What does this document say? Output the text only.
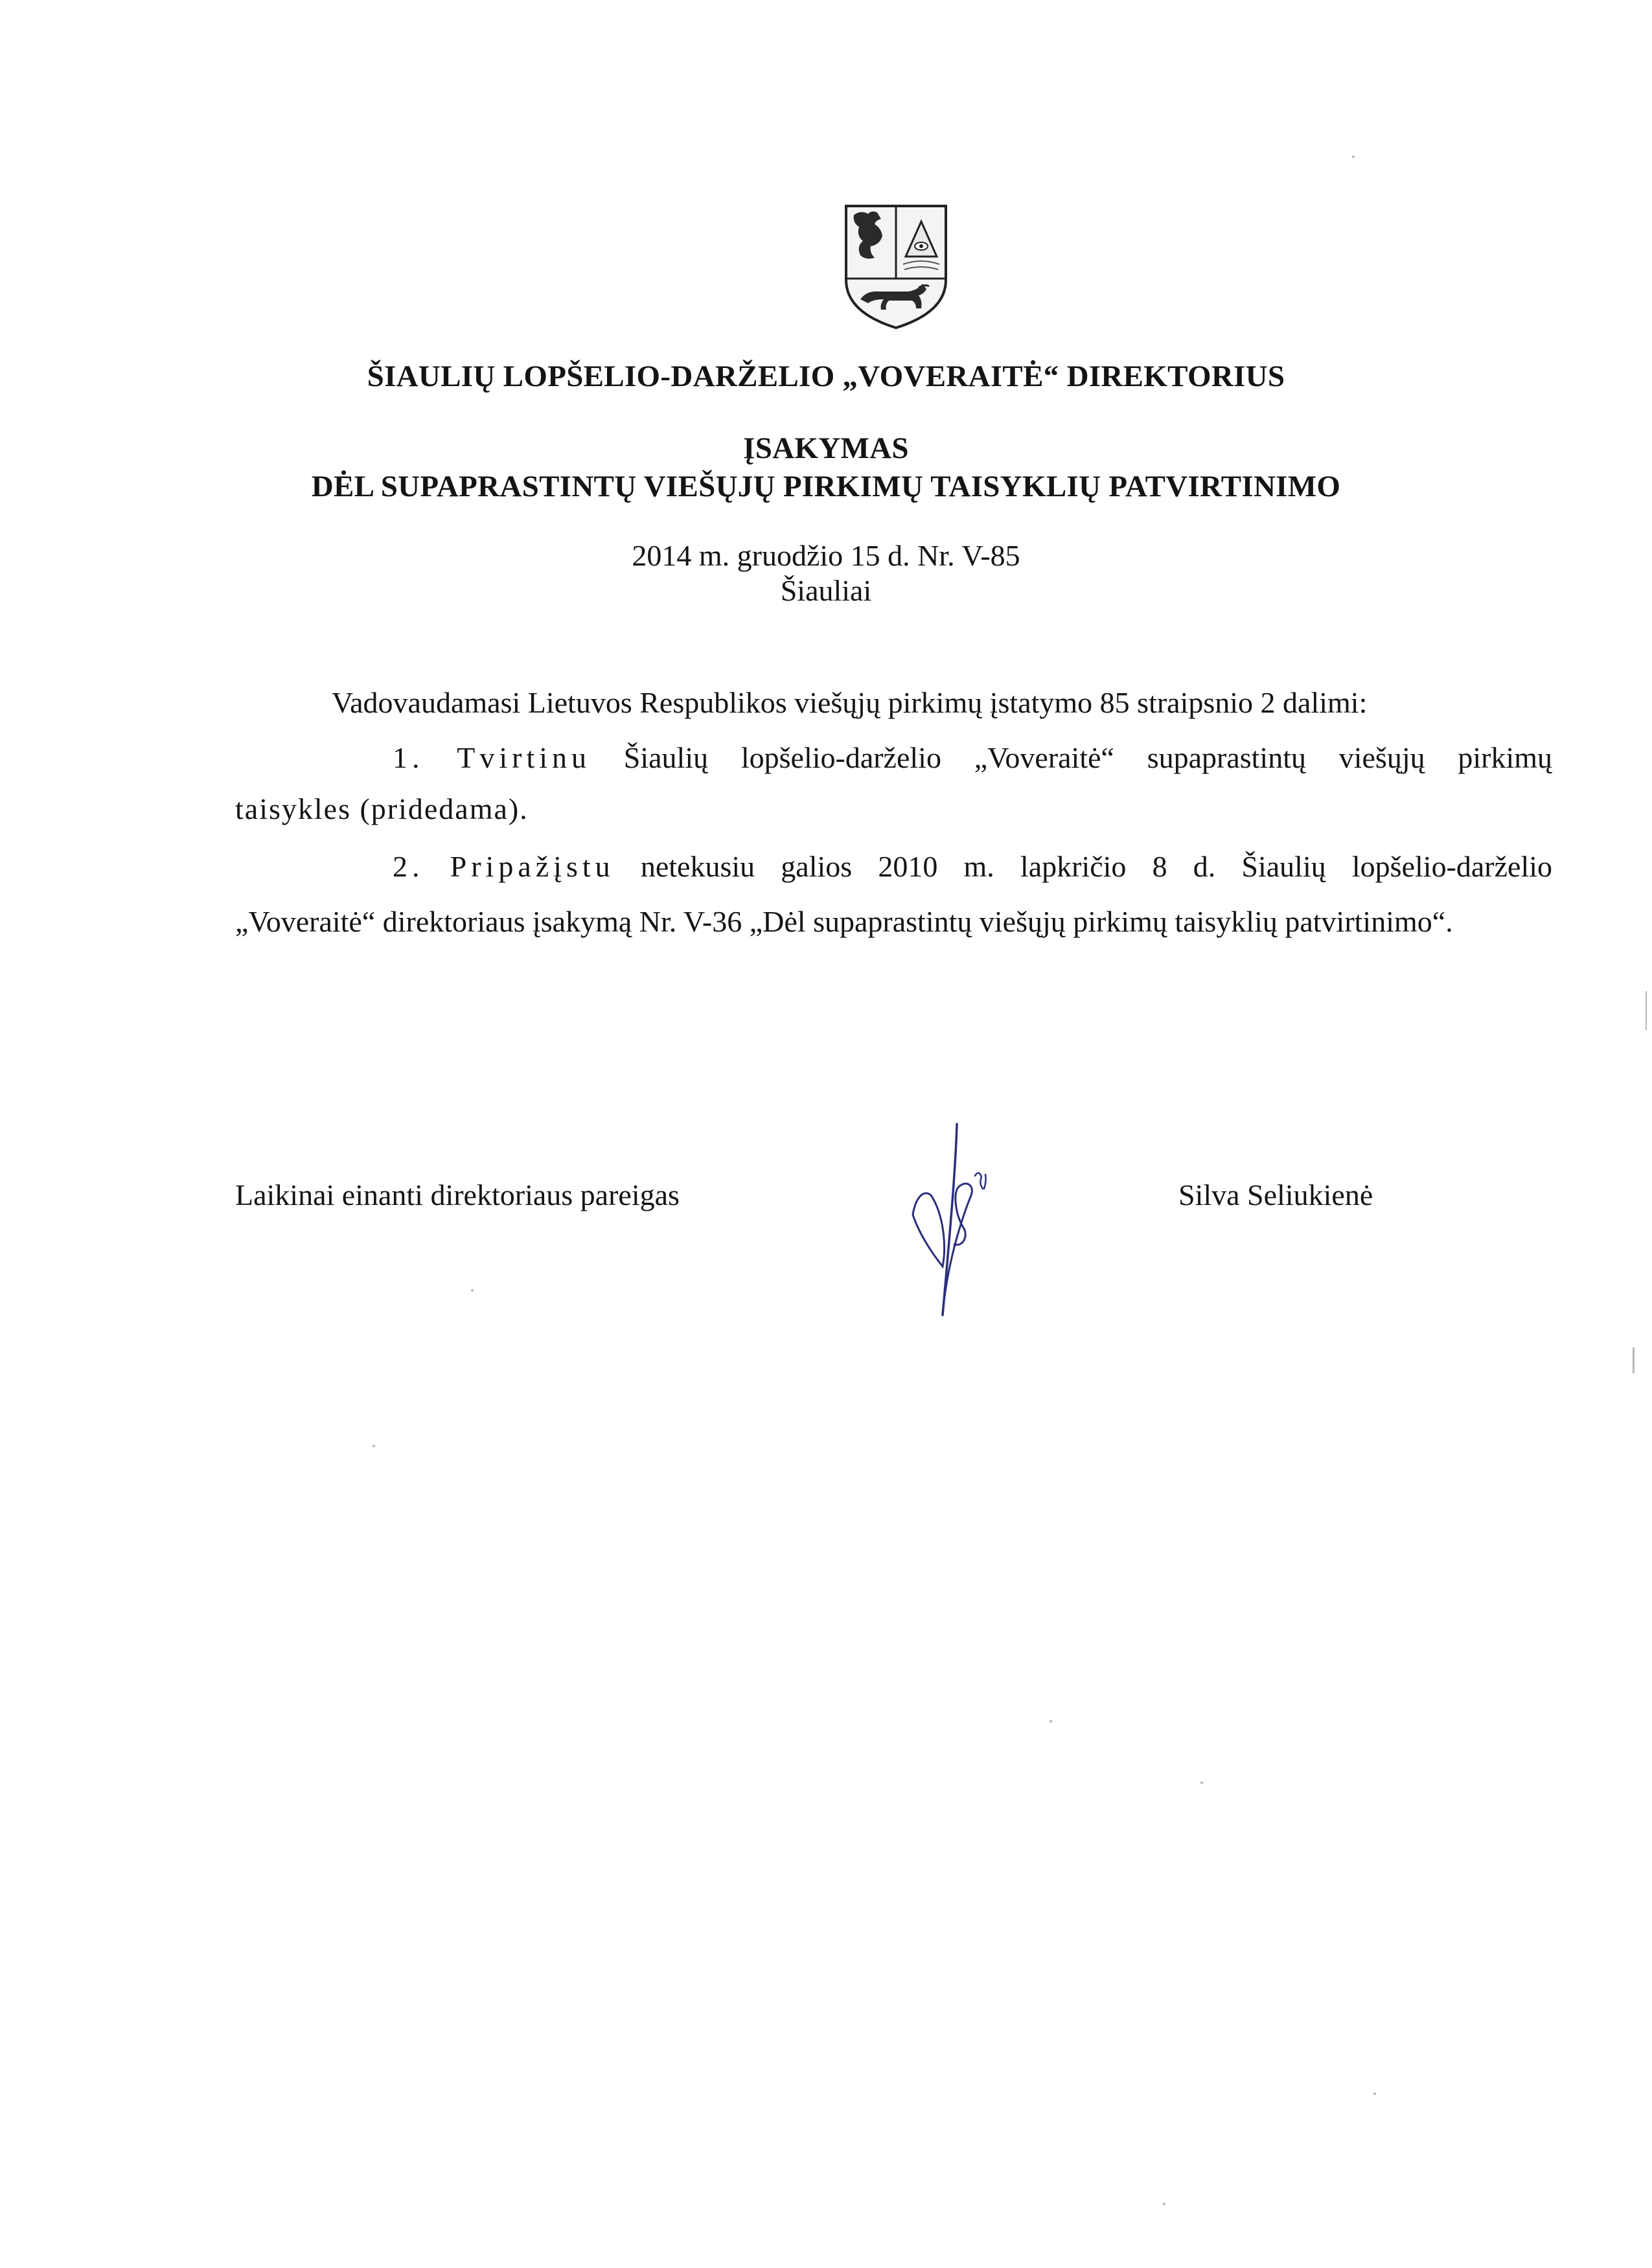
ŠIAULIŲ LOPŠELIO-DARŽELIO „VOVERAITĖ“ DIREKTORIUS
ĮSAKYMAS
DĖL SUPAPRASTINTŲ VIEŠŲJŲ PIRKIMŲ TAISYKLIŲ PATVIRTINIMO
2014 m. gruodžio 15 d. Nr. V-85
Šiauliai
Vadovaudamasi Lietuvos Respublikos viešųjų pirkimų įstatymo 85 straipsnio 2 dalimi:
1. Tvirtinu Šiaulių lopšelio-darželio „Voveraitė“ supaprastintų viešųjų pirkimų
taisykles (pridedama).
2. Pripažįstu netekusiu galios 2010 m. lapkričio 8 d. Šiaulių lopšelio-darželio
„Voveraitė“ direktoriaus įsakymą Nr. V-36 „Dėl supaprastintų viešųjų pirkimų taisyklių patvirtinimo“.
Laikinai einanti direktoriaus pareigas	Silva Seliukienė
